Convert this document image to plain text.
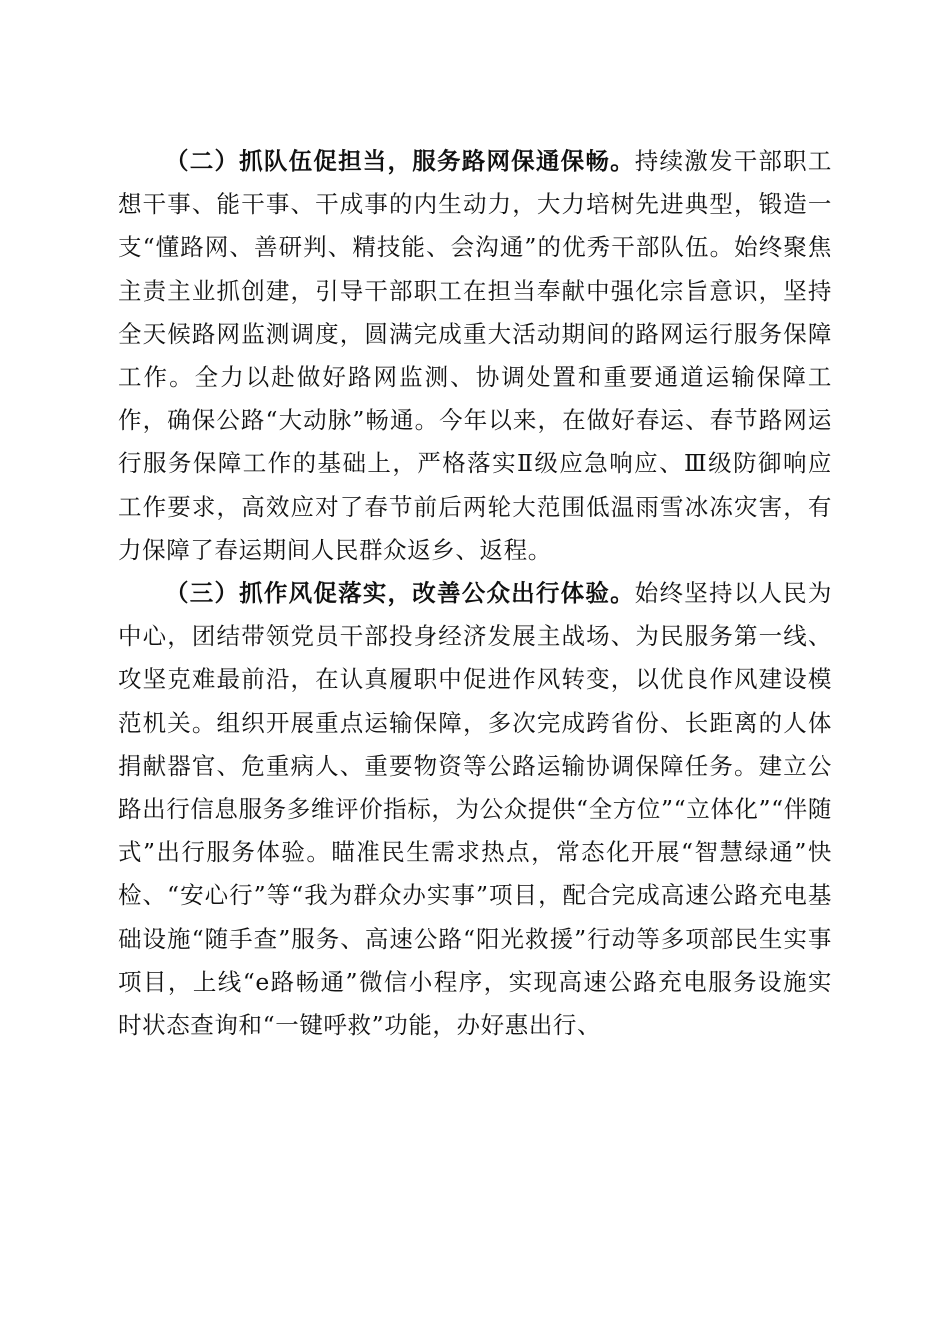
（二）抓队伍促担当，服务路网保通保畅。持续激发干部职工想干事、能干事、干成事的内生动力，大力培树先进典型，锻造一支“懂路网、善研判、精技能、会沟通”的优秀干部队伍。始终聚焦主责主业抓创建，引导干部职工在担当奉献中强化宗旨意识，坚持全天候路网监测调度，圆满完成重大活动期间的路网运行服务保障工作。全力以赴做好路网监测、协调处置和重要通道运输保障工作，确保公路“大动脉”畅通。今年以来，在做好春运、春节路网运行服务保障工作的基础上，严格落实Ⅱ级应急响应、Ⅲ级防御响应工作要求，高效应对了春节前后两轮大范围低温雨雪冰冻灾害，有力保障了春运期间人民群众返乡、返程。

（三）抓作风促落实，改善公众出行体验。始终坚持以人民为中心，团结带领党员干部投身经济发展主战场、为民服务第一线、攻坚克难最前沿，在认真履职中促进作风转变，以优良作风建设模范机关。组织开展重点运输保障，多次完成跨省份、长距离的人体捐献器官、危重病人、重要物资等公路运输协调保障任务。建立公路出行信息服务多维评价指标，为公众提供“全方位”“立体化”“伴随式”出行服务体验。瞄准民生需求热点，常态化开展“智慧绿通”快检、“安心行”等“我为群众办实事”项目，配合完成高速公路充电基础设施“随手查”服务、高速公路“阳光救援”行动等多项部民生实事项目，上线“e路畅通”微信小程序，实现高速公路充电服务设施实时状态查询和“一键呼救”功能，办好惠出行、
